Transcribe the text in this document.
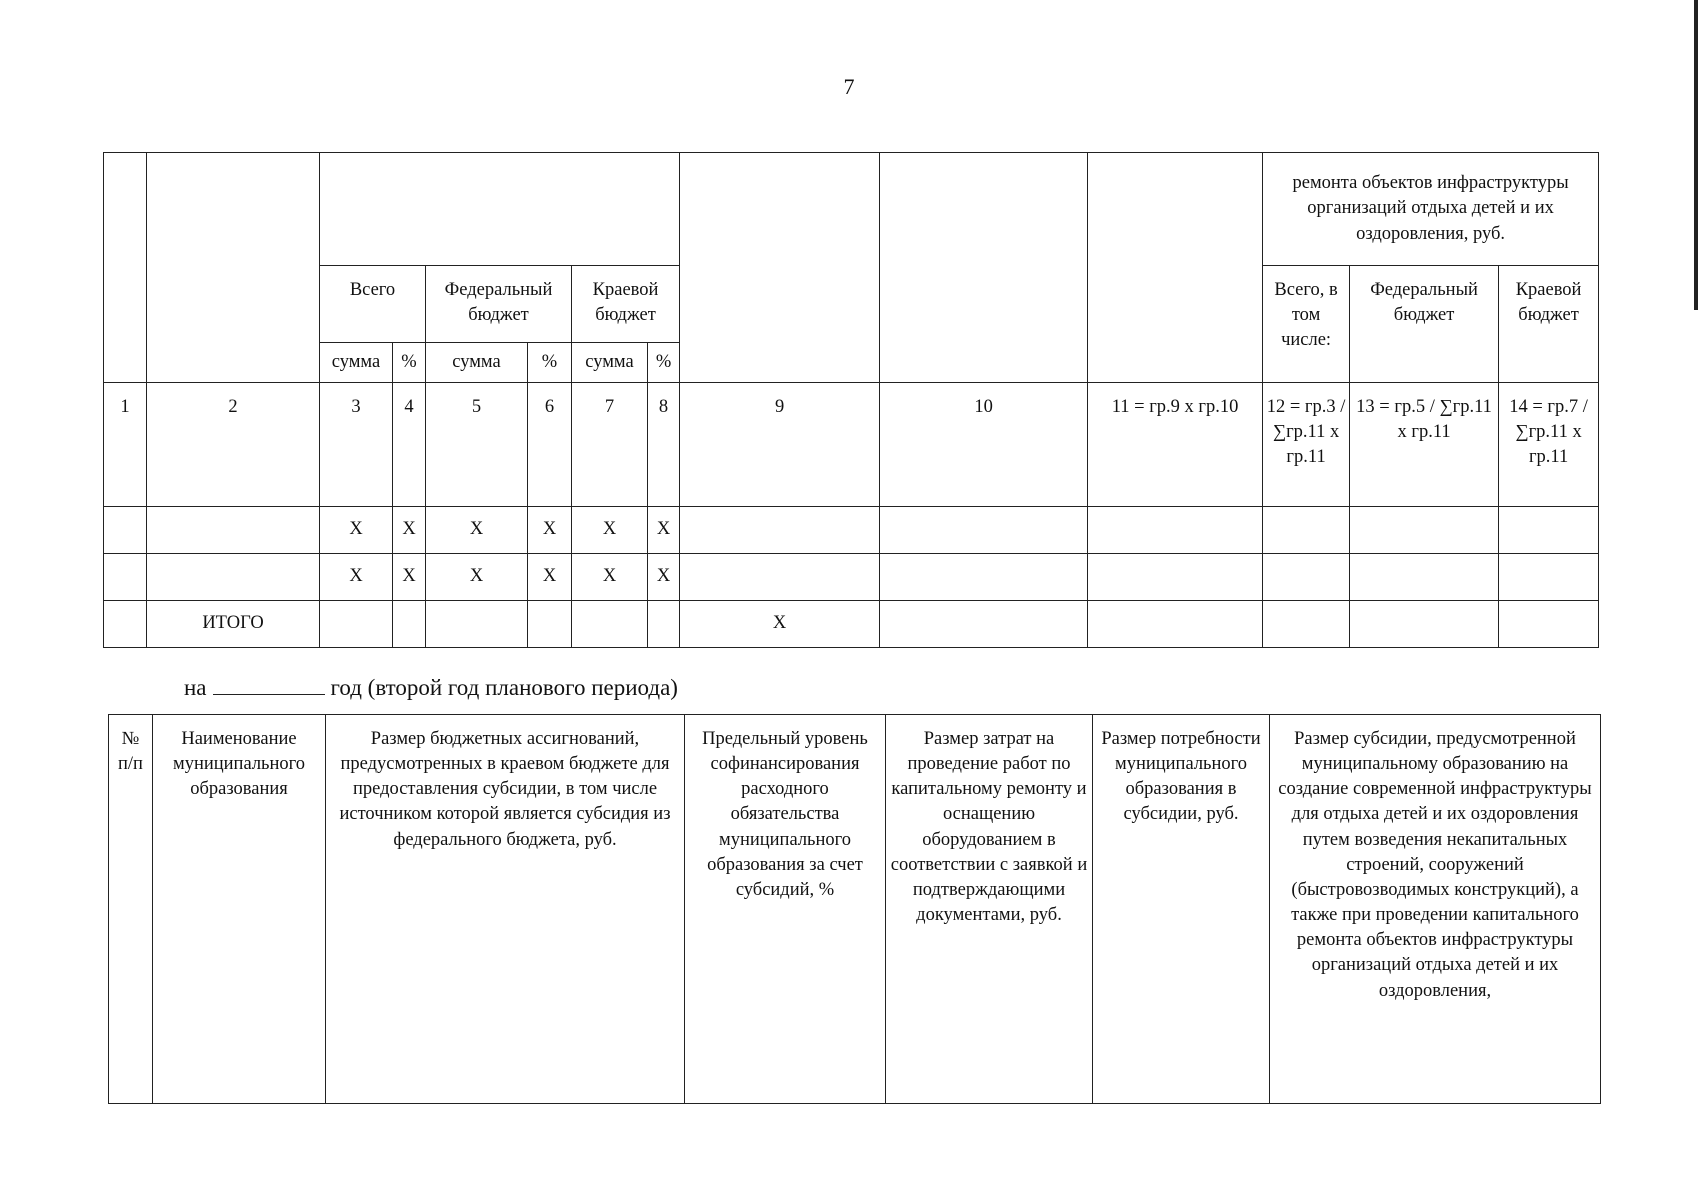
7
											ремонта объектов инфраструктуры организаций отдыха детей и их оздоровления, руб.		
		Всего		Федеральный бюджет		Краевой бюджет					Всего, в том числе:	Федеральный бюджет	Краевой бюджет
		сумма	%	сумма	%	сумма	%						
1	2	3	4	5	6	7	8	9	10	11 = гр.9 х гр.10	12 = гр.3 / ∑гр.11 х гр.11	13 = гр.5 / ∑гр.11 х гр.11	14 = гр.7 / ∑гр.11 х гр.11
		X	X	X	X	X	X						
		X	X	X	X	X	X						
	ИТОГО							X					
на	год (второй год планового периода)
№ п/п	Наименование муниципального образования	Размер бюджетных ассигнований, предусмотренных в краевом бюджете для предоставления субсидии, в том числе источником которой является субсидия из федерального бюджета, руб.	Предельный уровень софинансирования расходного обязательства муниципального образования за счет субсидий, %	Размер затрат на проведение работ по капитальному ремонту и оснащению оборудованием в соответствии с заявкой и подтверждающими документами, руб.	Размер потребности муниципального образования в субсидии, руб.	Размер субсидии, предусмотренной муниципальному образованию на создание современной инфраструктуры для отдыха детей и их оздоровления путем возведения некапитальных строений, сооружений (быстровозводимых конструкций), а также при проведении капитального ремонта объектов инфраструктуры организаций отдыха детей и их оздоровления,
